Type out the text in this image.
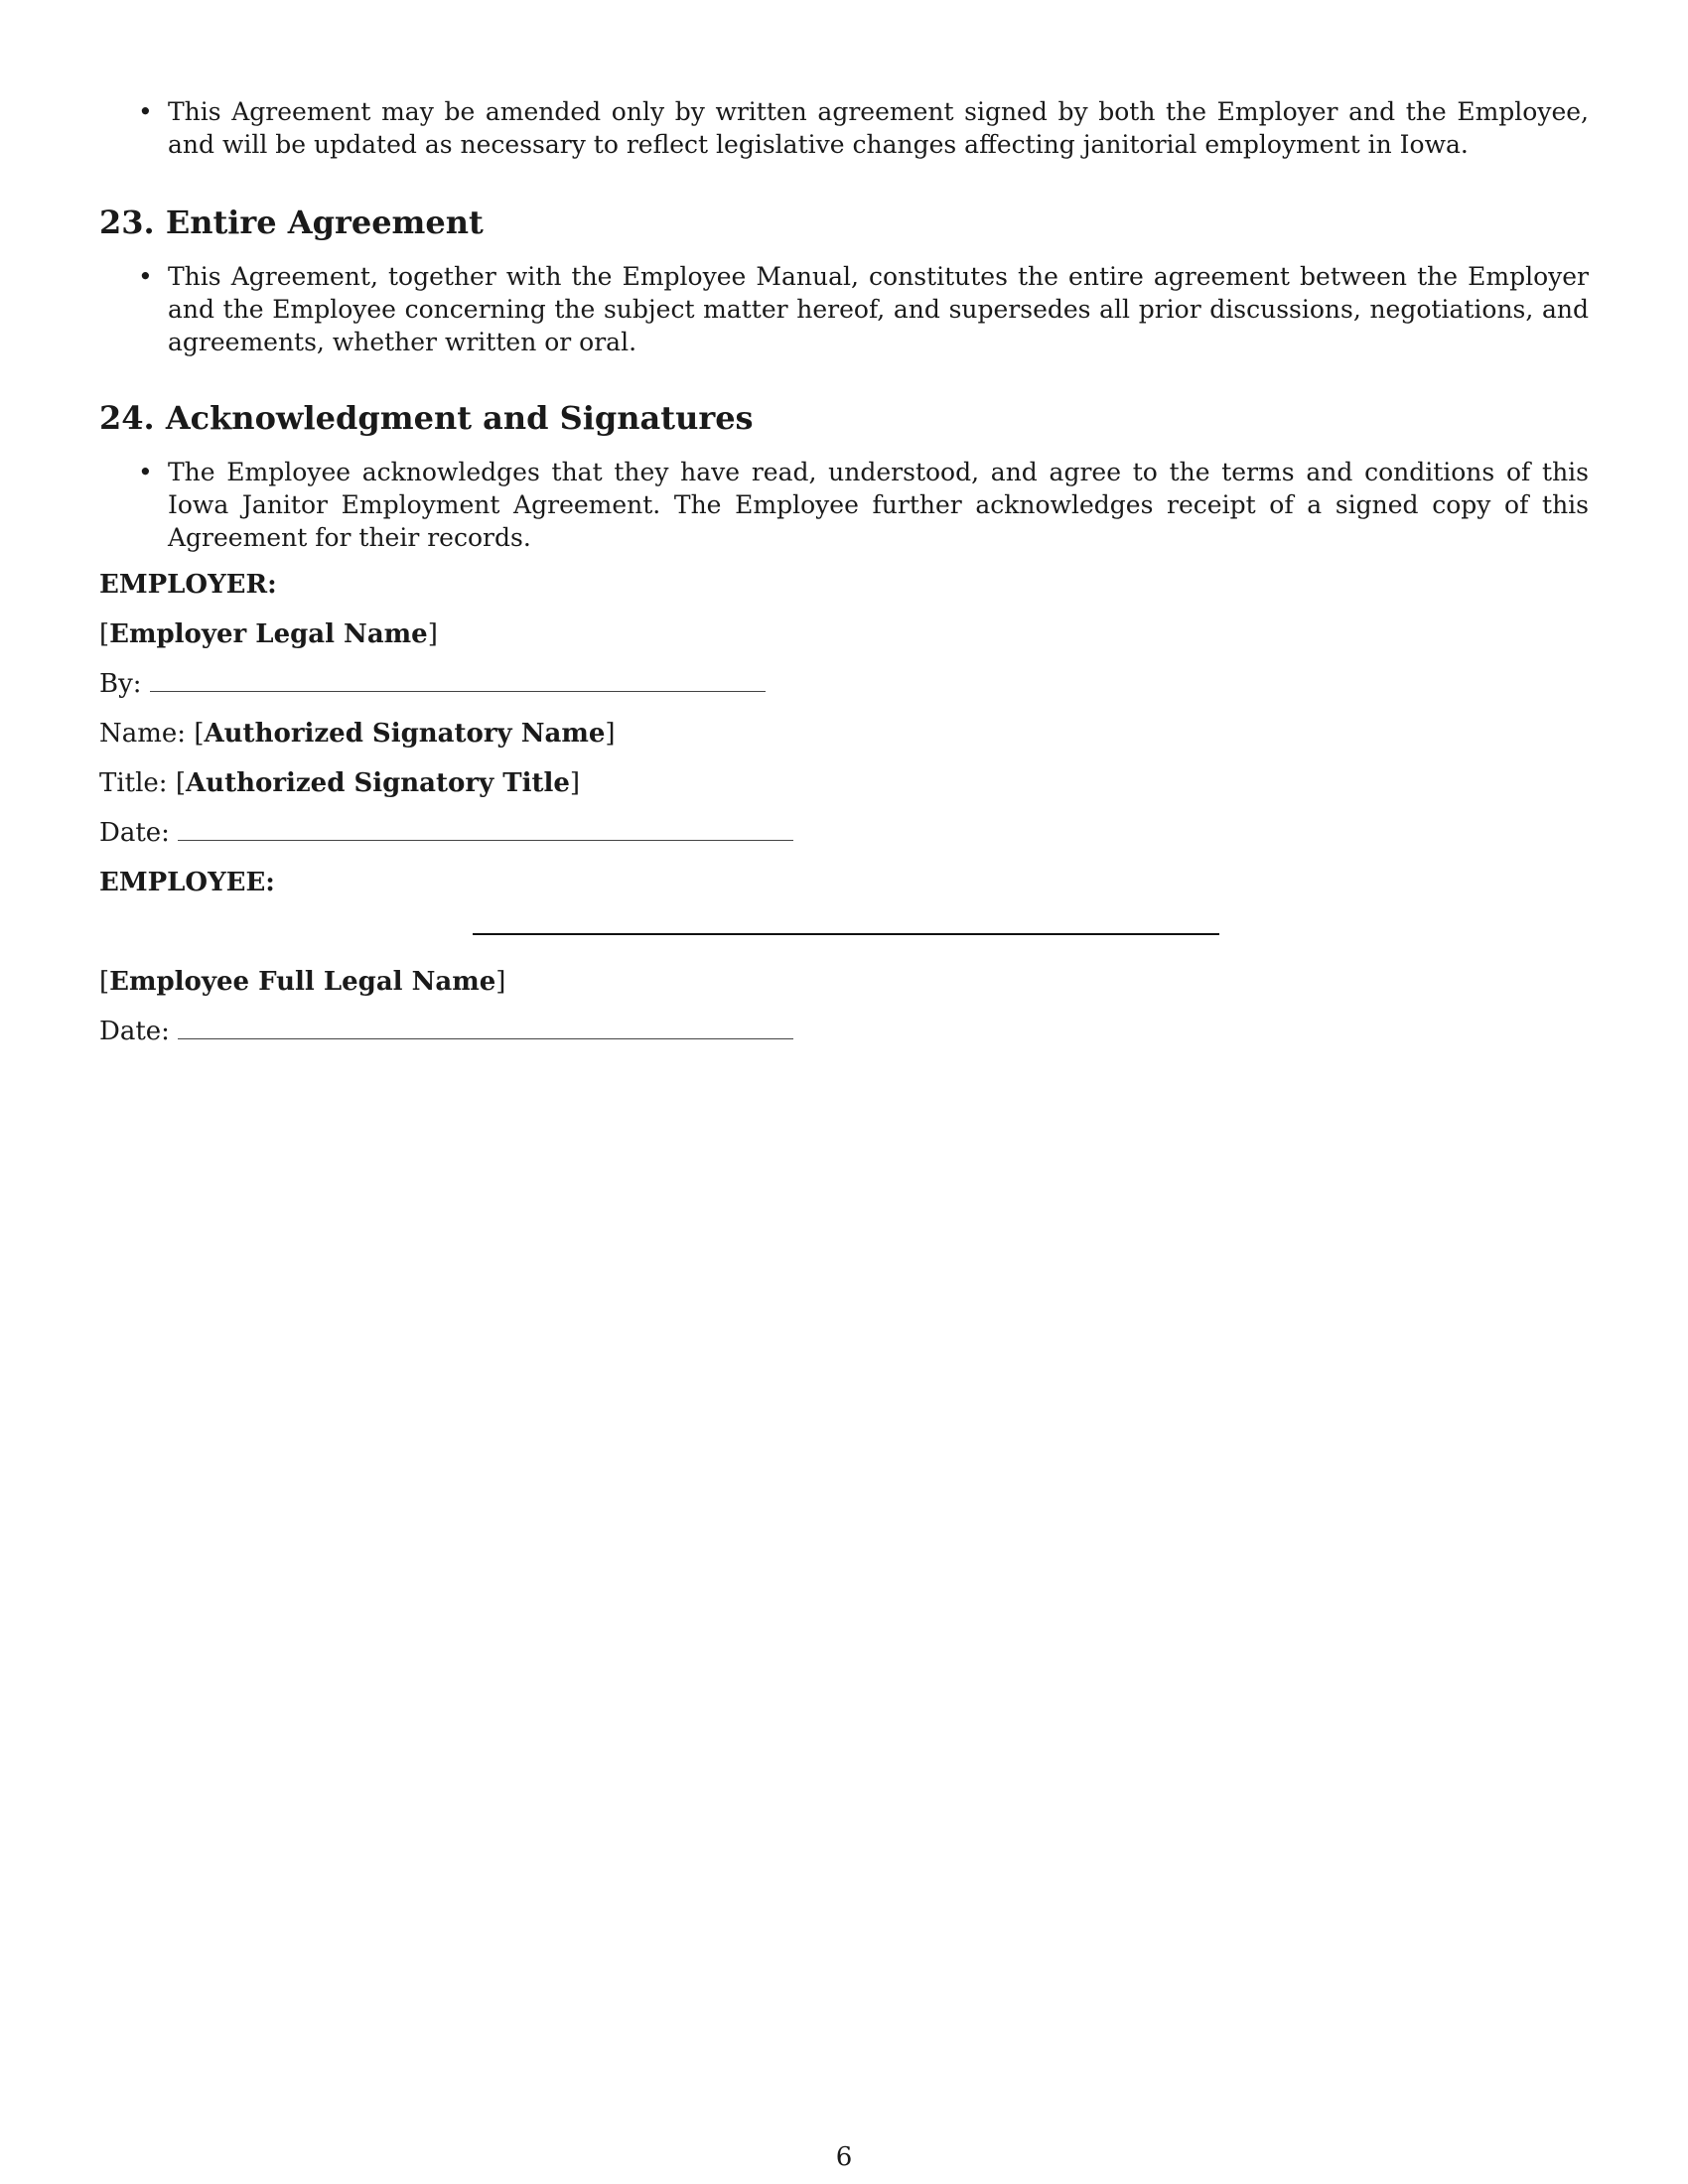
• This Agreement may be amended only by written agreement signed by both the Employer and the Employee, and will be updated as necessary to reflect legislative changes affecting janitorial employment in Iowa.
23. Entire Agreement
• This Agreement, together with the Employee Manual, constitutes the entire agreement between the Employer and the Employee concerning the subject matter hereof, and supersedes all prior discussions, negotiations, and agreements, whether written or oral.
24. Acknowledgment and Signatures
• The Employee acknowledges that they have read, understood, and agree to the terms and conditions of this Iowa Janitor Employment Agreement. The Employee further acknowledges receipt of a signed copy of this Agreement for their records.

EMPLOYER:

[Employer Legal Name]

By:

Name: [Authorized Signatory Name]

Title: [Authorized Signatory Title]

Date:

EMPLOYEE:

[Employee Full Legal Name]

Date:

6
